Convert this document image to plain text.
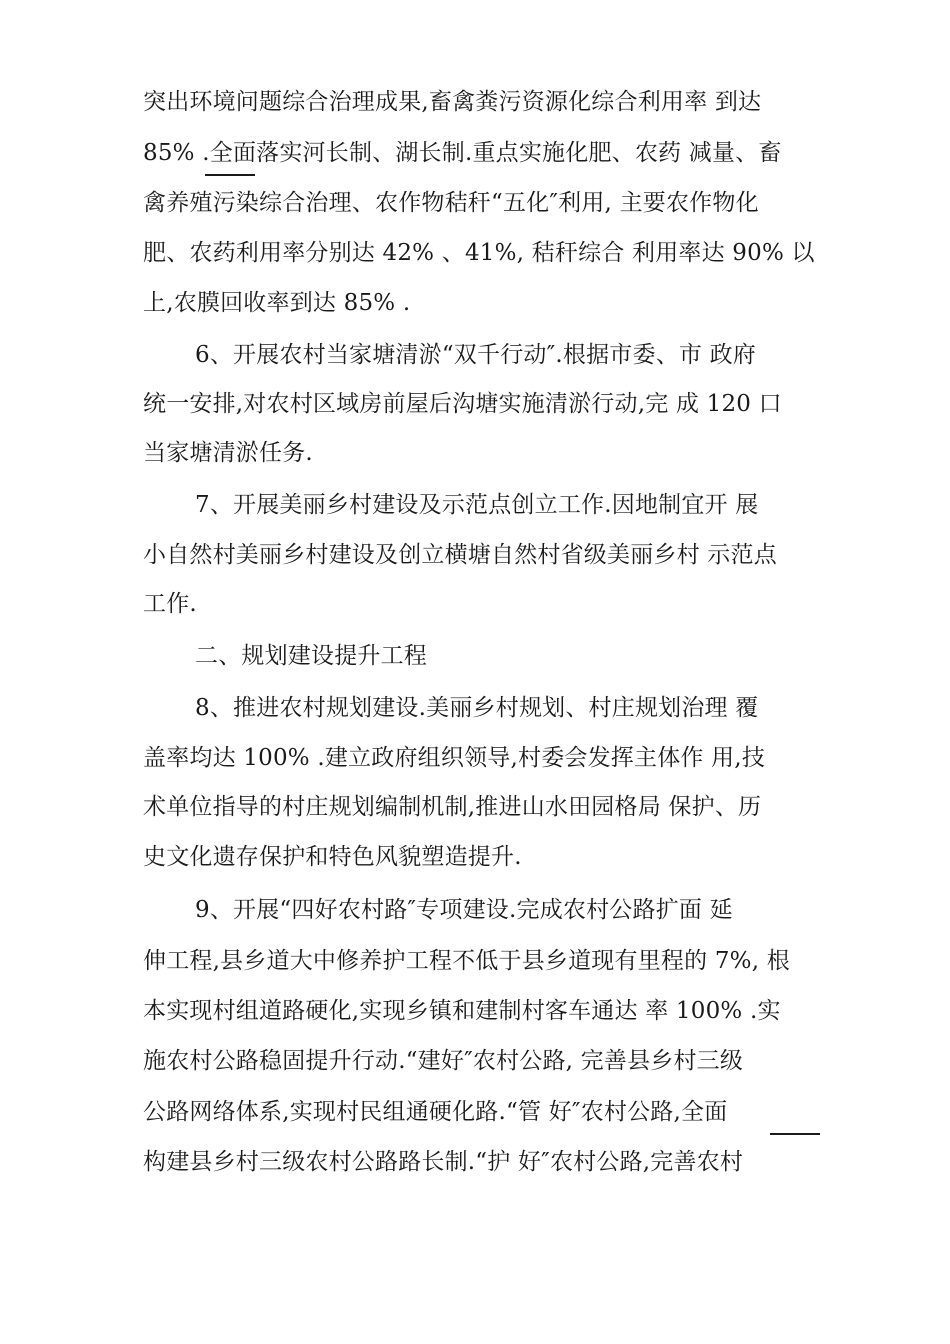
突出环境问题综合治理成果,畜禽粪污资源化综合利用率 到达
85% .全面落实河长制、湖长制.重点实施化肥、农药 减量、畜
禽养殖污染综合治理、农作物秸秆“五化″利用, 主要农作物化
肥、农药利用率分别达 42% 、41%, 秸秆综合 利用率达 90% 以
上,农膜回收率到达 85% .
6、开展农村当家塘清淤“双千行动″.根据市委、市 政府
统一安排,对农村区域房前屋后沟塘实施清淤行动,完 成 120 口
当家塘清淤任务.
7、开展美丽乡村建设及示范点创立工作.因地制宜开 展
小自然村美丽乡村建设及创立横塘自然村省级美丽乡村 示范点
工作.
二、规划建设提升工程
8、推进农村规划建设.美丽乡村规划、村庄规划治理 覆
盖率均达 100% .建立政府组织领导,村委会发挥主体作 用,技
术单位指导的村庄规划编制机制,推进山水田园格局 保护、历
史文化遗存保护和特色风貌塑造提升.
9、开展“四好农村路″专项建设.完成农村公路扩面 延
伸工程,县乡道大中修养护工程不低于县乡道现有里程的 7%, 根
本实现村组道路硬化,实现乡镇和建制村客车通达 率 100% .实
施农村公路稳固提升行动.“建好″农村公路, 完善县乡村三级
公路网络体系,实现村民组通硬化路.“管 好″农村公路,全面
构建县乡村三级农村公路路长制.“护 好″农村公路,完善农村
